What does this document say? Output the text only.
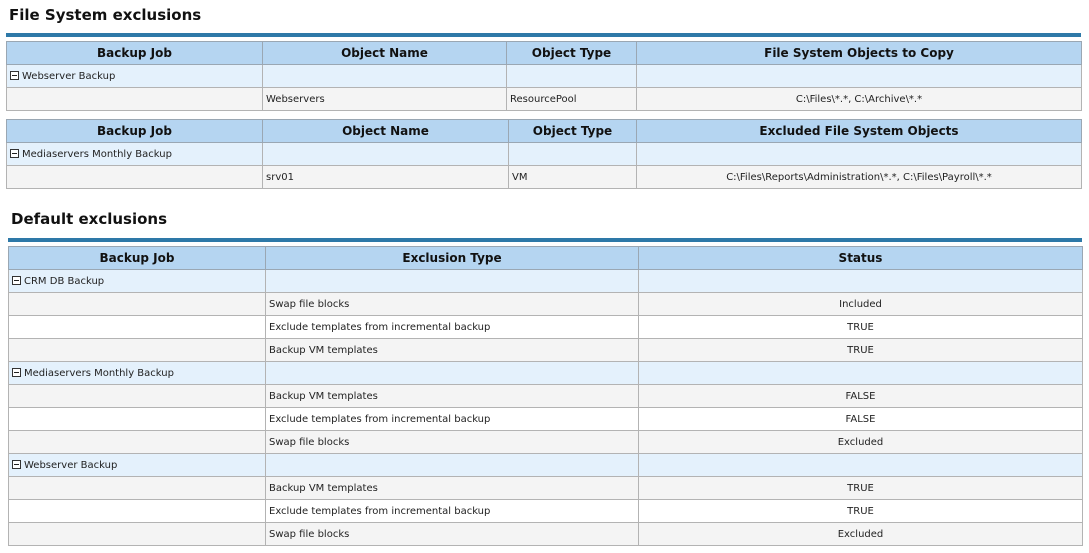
File System exclusions
Backup Job	Object Name	Object Type	File System Objects to Copy
Webserver Backup			
	Webservers	ResourcePool	C:\Files\*.*, C:\Archive\*.*
Backup Job	Object Name	Object Type	Excluded File System Objects
Mediaservers Monthly Backup			
	srv01	VM	C:\Files\Reports\Administration\*.*, C:\Files\Payroll\*.*
Default exclusions
Backup Job	Exclusion Type	Status
CRM DB Backup		
	Swap file blocks	Included
	Exclude templates from incremental backup	TRUE
	Backup VM templates	TRUE
Mediaservers Monthly Backup		
	Backup VM templates	FALSE
	Exclude templates from incremental backup	FALSE
	Swap file blocks	Excluded
Webserver Backup		
	Backup VM templates	TRUE
	Exclude templates from incremental backup	TRUE
	Swap file blocks	Excluded
